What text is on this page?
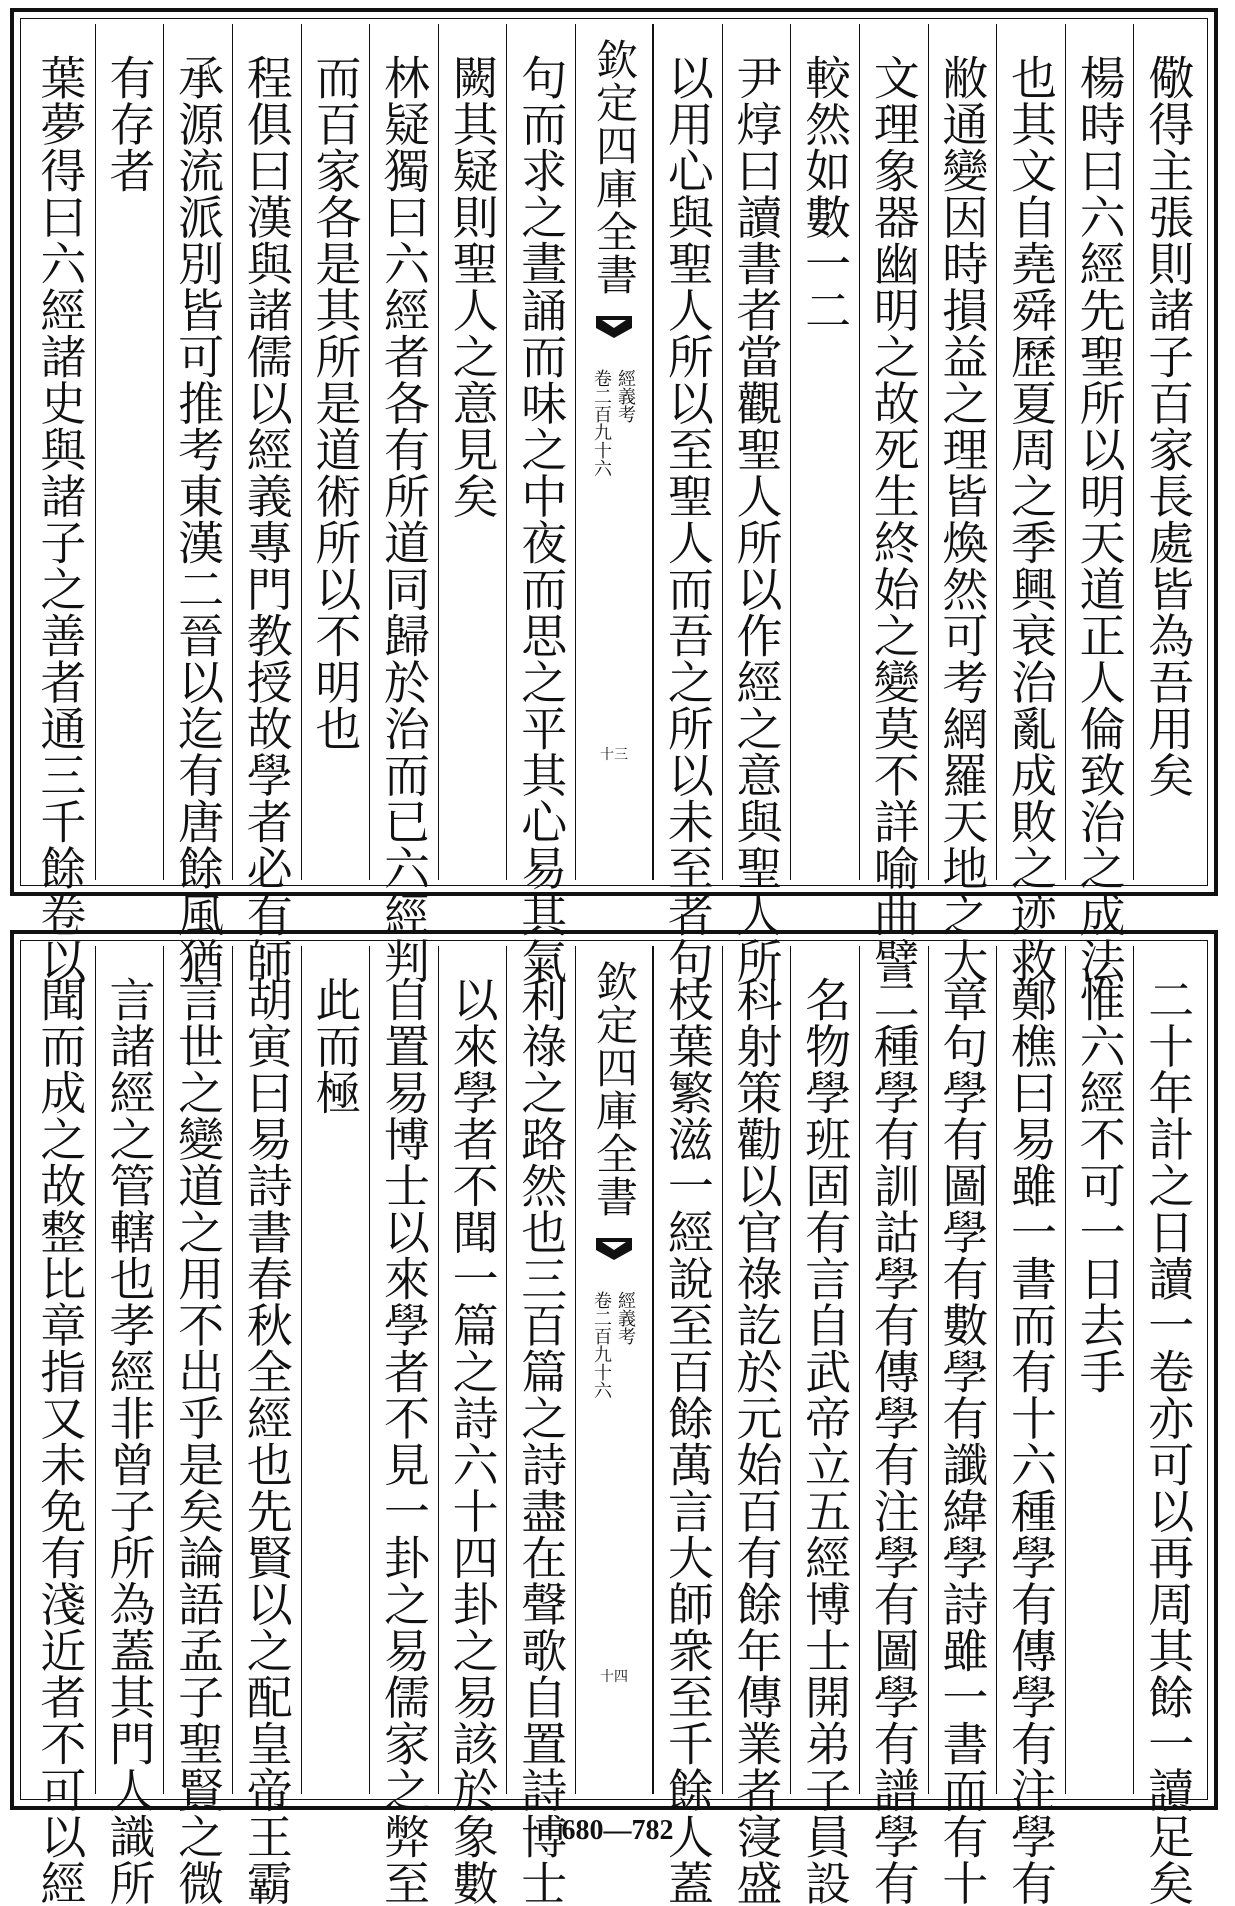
儆得主張則諸子百家長處皆為吾用矣
楊時曰六經先聖所以明天道正人倫致治之成法
也其文自堯舜歷夏周之季興衰治亂成敗之迹救
敝通變因時損益之理皆煥然可考網羅天地之大
文理象器幽明之故死生終始之變莫不詳喻曲譬
較然如數一二
尹焞曰讀書者當觀聖人所以作經之意與聖人所
以用心與聖人所以至聖人而吾之所以未至者句
欽定四庫全書
經義考
卷二百九十六
十三
句而求之晝誦而味之中夜而思之平其心易其氣
闕其疑則聖人之意見矣
林疑獨曰六經者各有所道同歸於治而已六經判
而百家各是其所是道術所以不明也
程俱曰漢與諸儒以經義專門教授故學者必有師
承源流派別皆可推考東漢二晉以迄有唐餘風猶
有存者
葉夢得曰六經諸史與諸子之善者通三千餘卷以
二十年計之日讀一卷亦可以再周其餘一讀足矣
惟六經不可一日去手
鄭樵曰易雖一書而有十六種學有傳學有注學有
章句學有圖學有數學有讖緯學詩雖一書而有十
二種學有訓詁學有傳學有注學有圖學有譜學有
名物學班固有言自武帝立五經博士開弟子員設
科射策勸以官祿訖於元始百有餘年傳業者寖盛
枝葉繁滋一經說至百餘萬言大師衆至千餘人蓋
欽定四庫全書
經義考
卷二百九十六
十四
利祿之路然也三百篇之詩盡在聲歌自置詩博士
以來學者不聞一篇之詩六十四卦之易該於象數
自置易博士以來學者不見一卦之易儒家之弊至
此而極
胡寅曰易詩書春秋全經也先賢以之配皇帝王霸
言世之變道之用不出乎是矣論語孟子聖賢之微
言諸經之管轄也孝經非曾子所為蓋其門人識所
聞而成之故整比章指又未免有淺近者不可以經	680—782
